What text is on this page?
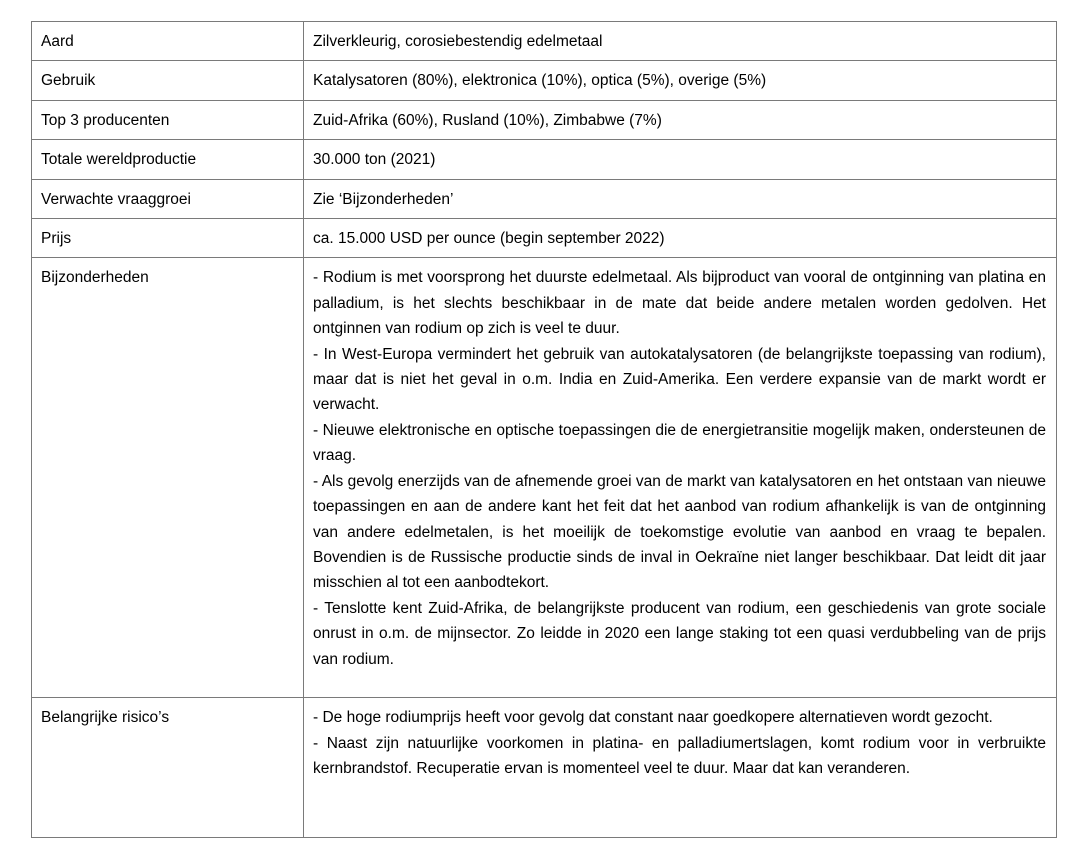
Aard	Zilverkleurig, corosiebestendig edelmetaal
Gebruik	Katalysatoren (80%), elektronica (10%), optica (5%), overige (5%)
Top 3 producenten	Zuid-Afrika (60%), Rusland (10%), Zimbabwe (7%)
Totale wereldproductie	30.000 ton (2021)
Verwachte vraaggroei	Zie ‘Bijzonderheden’
Prijs	ca. 15.000 USD per ounce (begin september 2022)
Bijzonderheden	- Rodium is met voorsprong het duurste edelmetaal. Als bijproduct van vooral de ontginning van platina en palladium, is het slechts beschikbaar in de mate dat beide andere metalen worden gedolven. Het ontginnen van rodium op zich is veel te duur.

- In West-Europa vermindert het gebruik van autokatalysatoren (de belangrijkste toepassing van rodium), maar dat is niet het geval in o.m. India en Zuid-Amerika. Een verdere expansie van de markt wordt er verwacht.

- Nieuwe elektronische en optische toepassingen die de energietransitie mogelijk maken, ondersteunen de vraag.

- Als gevolg enerzijds van de afnemende groei van de markt van katalysatoren en het ontstaan van nieuwe toepassingen en aan de andere kant het feit dat het aanbod van rodium afhankelijk is van de ontginning van andere edelmetalen, is het moeilijk de toekomstige evolutie van aanbod en vraag te bepalen. Bovendien is de Russische productie sinds de inval in Oekraïne niet langer beschikbaar. Dat leidt dit jaar misschien al tot een aanbodtekort.

- Tenslotte kent Zuid-Afrika, de belangrijkste producent van rodium, een geschiedenis van grote sociale onrust in o.m. de mijnsector. Zo leidde in 2020 een lange staking tot een quasi verdubbeling van de prijs van rodium.

Belangrijke risico’s	- De hoge rodiumprijs heeft voor gevolg dat constant naar goedkopere alternatieven wordt gezocht.

- Naast zijn natuurlijke voorkomen in platina- en palladiumertslagen, komt rodium voor in verbruikte kernbrandstof. Recuperatie ervan is momenteel veel te duur. Maar dat kan veranderen.
